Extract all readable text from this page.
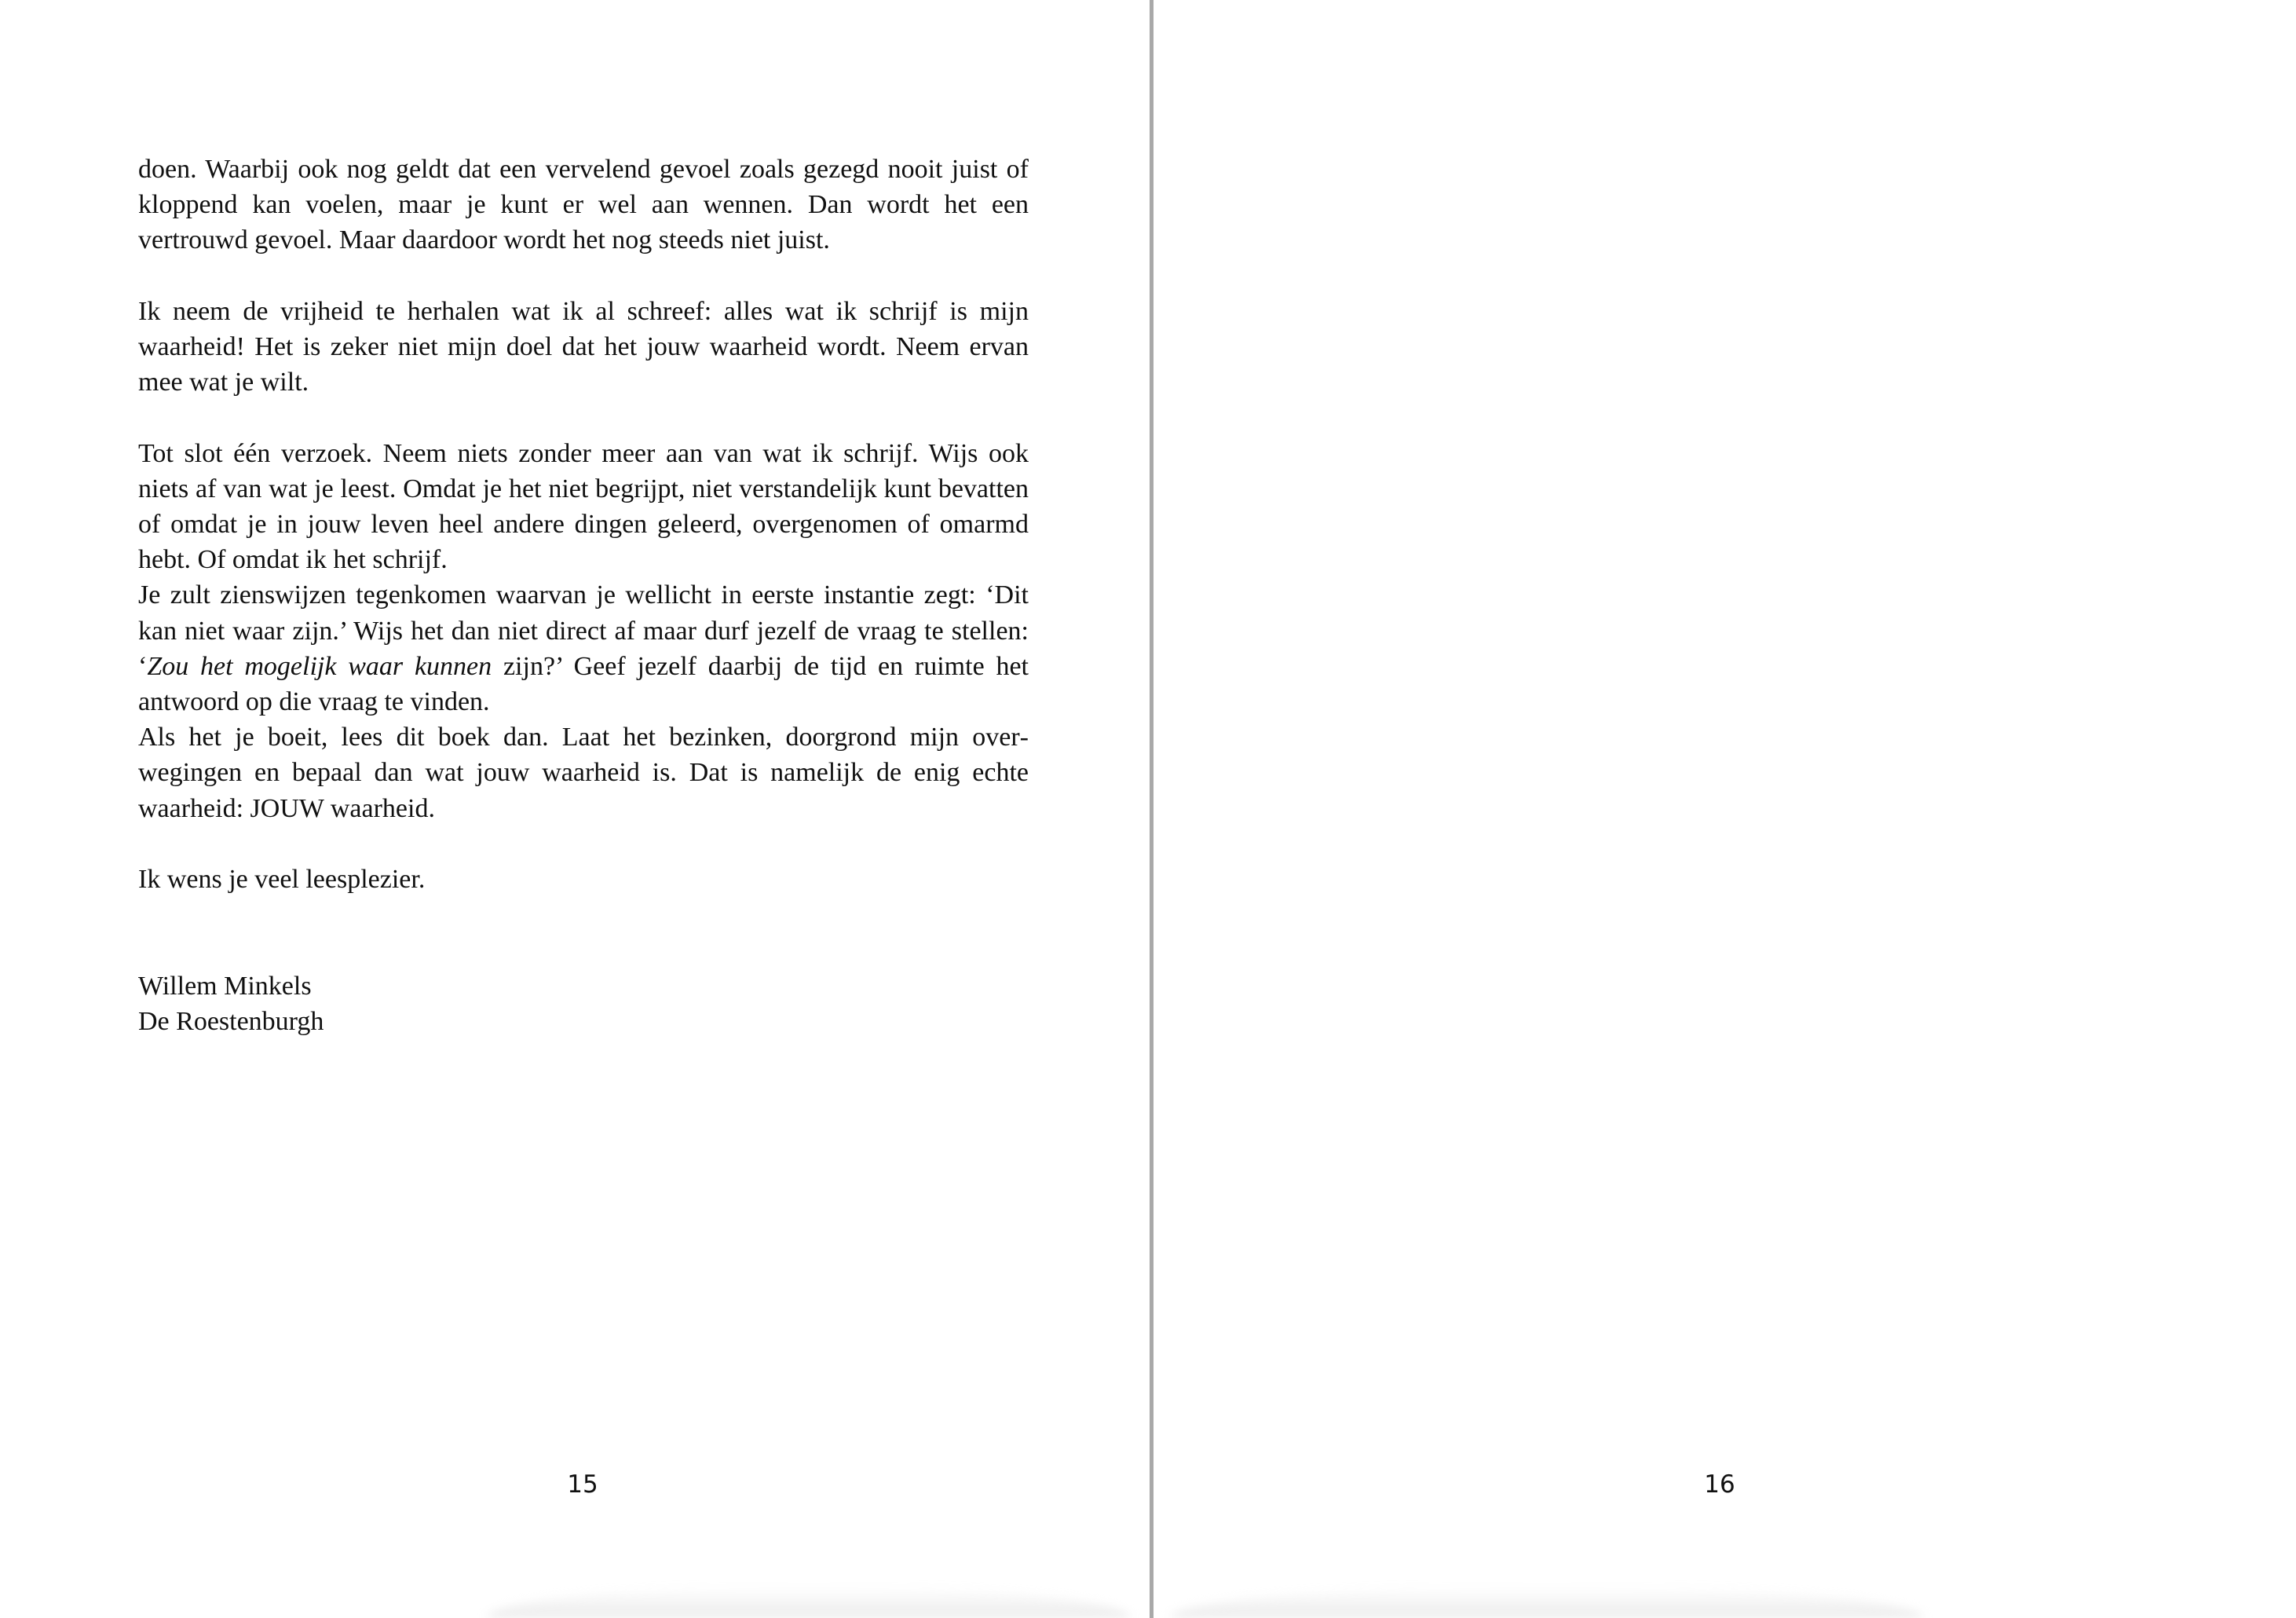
doen. Waarbij ook nog geldt dat een vervelend gevoel zoals gezegd nooit juist of kloppend kan voelen, maar je kunt er wel aan wennen. Dan wordt het een vertrouwd gevoel. Maar daardoor wordt het nog steeds niet juist.

Ik neem de vrijheid te herhalen wat ik al schreef: alles wat ik schrijf is mijn waarheid! Het is zeker niet mijn doel dat het jouw waarheid wordt. Neem ervan mee wat je wilt.

Tot slot één verzoek. Neem niets zonder meer aan van wat ik schrijf. Wijs ook niets af van wat je leest. Omdat je het niet begrijpt, niet verstandelijk kunt bevatten of omdat je in jouw leven heel andere dingen geleerd, overgenomen of omarmd hebt. Of omdat ik het schrijf.

Je zult zienswijzen tegenkomen waarvan je wellicht in eerste instantie zegt: ‘Dit kan niet waar zijn.’ Wijs het dan niet direct af maar durf jezelf de vraag te stellen: ‘Zou het mogelijk waar kunnen zijn?’ Geef jezelf daarbij de tijd en ruimte het antwoord op die vraag te vinden.

Als het je boeit, lees dit boek dan. Laat het bezinken, doorgrond mijn overwegingen en bepaal dan wat jouw waarheid is. Dat is namelijk de enig echte waarheid: JOUW waarheid.

Ik wens je veel leesplezier.

Willem Minkels

De Roestenburgh

15	16
